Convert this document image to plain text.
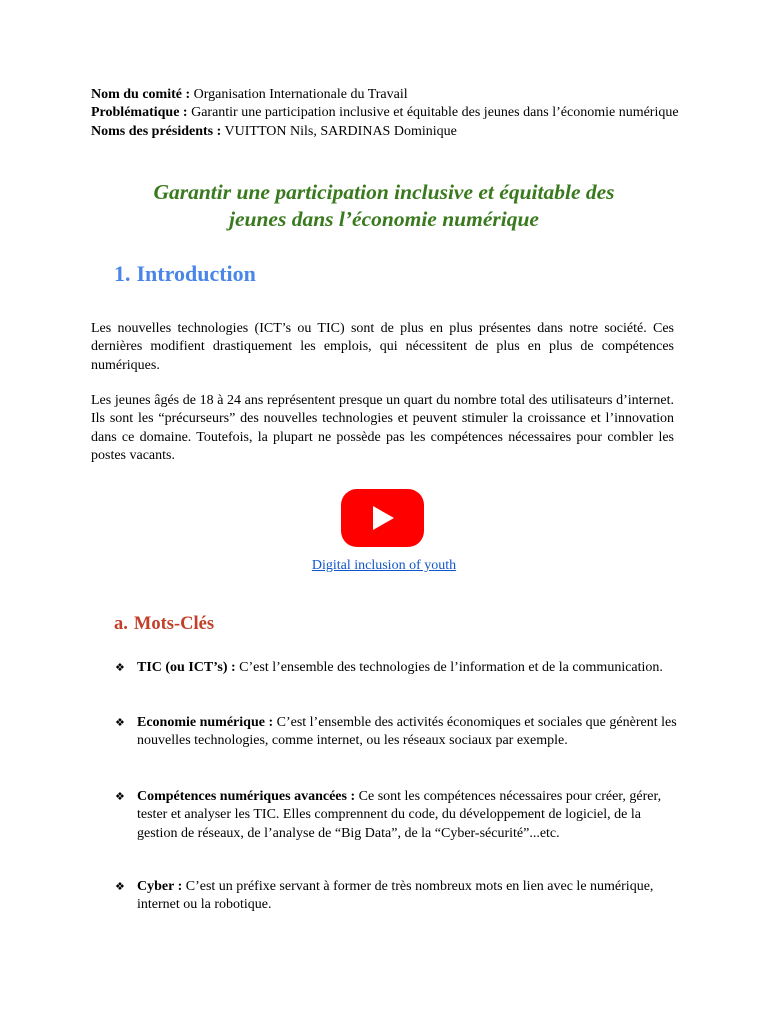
Nom du comité : Organisation Internationale du Travail
Problématique : Garantir une participation inclusive et équitable des jeunes dans l’économie numérique
Noms des présidents : VUITTON Nils, SARDINAS Dominique
Garantir une participation inclusive et équitable des
jeunes dans l’économie numérique
1. Introduction

Les nouvelles technologies (ICT’s ou TIC) sont de plus en plus présentes dans notre société. Ces dernières modifient drastiquement les emplois, qui nécessitent de plus en plus de compétences numériques.

Les jeunes âgés de 18 à 24 ans représentent presque un quart du nombre total des utilisateurs d’internet. Ils sont les “précurseurs” des nouvelles technologies et peuvent stimuler la croissance et l’innovation dans ce domaine. Toutefois, la plupart ne possède pas les compétences nécessaires pour combler les postes vacants.

Digital inclusion of youth
a. Mots-Clés
❖ TIC (ou ICT’s) : C’est l’ensemble des technologies de l’information et de la communication.
❖ Economie numérique : C’est l’ensemble des activités économiques et sociales que génèrent les nouvelles technologies, comme internet, ou les réseaux sociaux par exemple.
❖ Compétences numériques avancées : Ce sont les compétences nécessaires pour créer, gérer, tester et analyser les TIC. Elles comprennent du code, du développement de logiciel, de la gestion de réseaux, de l’analyse de “Big Data”, de la “Cyber-sécurité”...etc.
❖ Cyber : C’est un préfixe servant à former de très nombreux mots en lien avec le numérique, internet ou la robotique.
